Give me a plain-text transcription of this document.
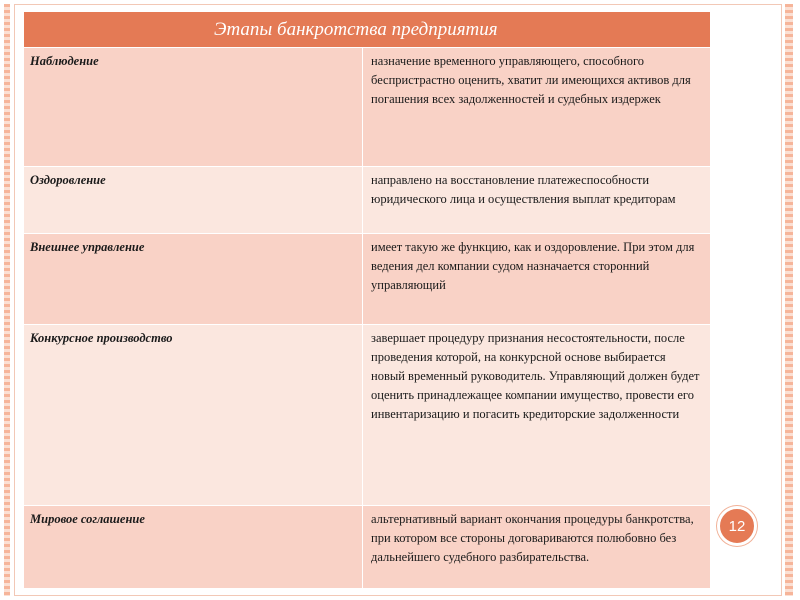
Этапы банкротства предприятия
Наблюдение	назначение временного управляющего, способного беспристрастно оценить, хватит ли имеющихся активов для погашения всех задолженностей и судебных издержек
Оздоровление	направлено на восстановление платежеспособности юридического лица и осуществления выплат кредиторам
Внешнее управление	имеет такую же функцию, как и оздоровление. При этом для ведения дел компании судом назначается сторонний управляющий
Конкурсное производство	завершает процедуру признания несостоятельности, после проведения которой, на конкурсной основе выбирается новый временный руководитель. Управляющий должен будет оценить принадлежащее компании имущество, провести его инвентаризацию и погасить кредиторские задолженности
Мировое соглашение	альтернативный вариант окончания процедуры банкротства, при котором все стороны договариваются полюбовно без дальнейшего судебного разбирательства.
12
